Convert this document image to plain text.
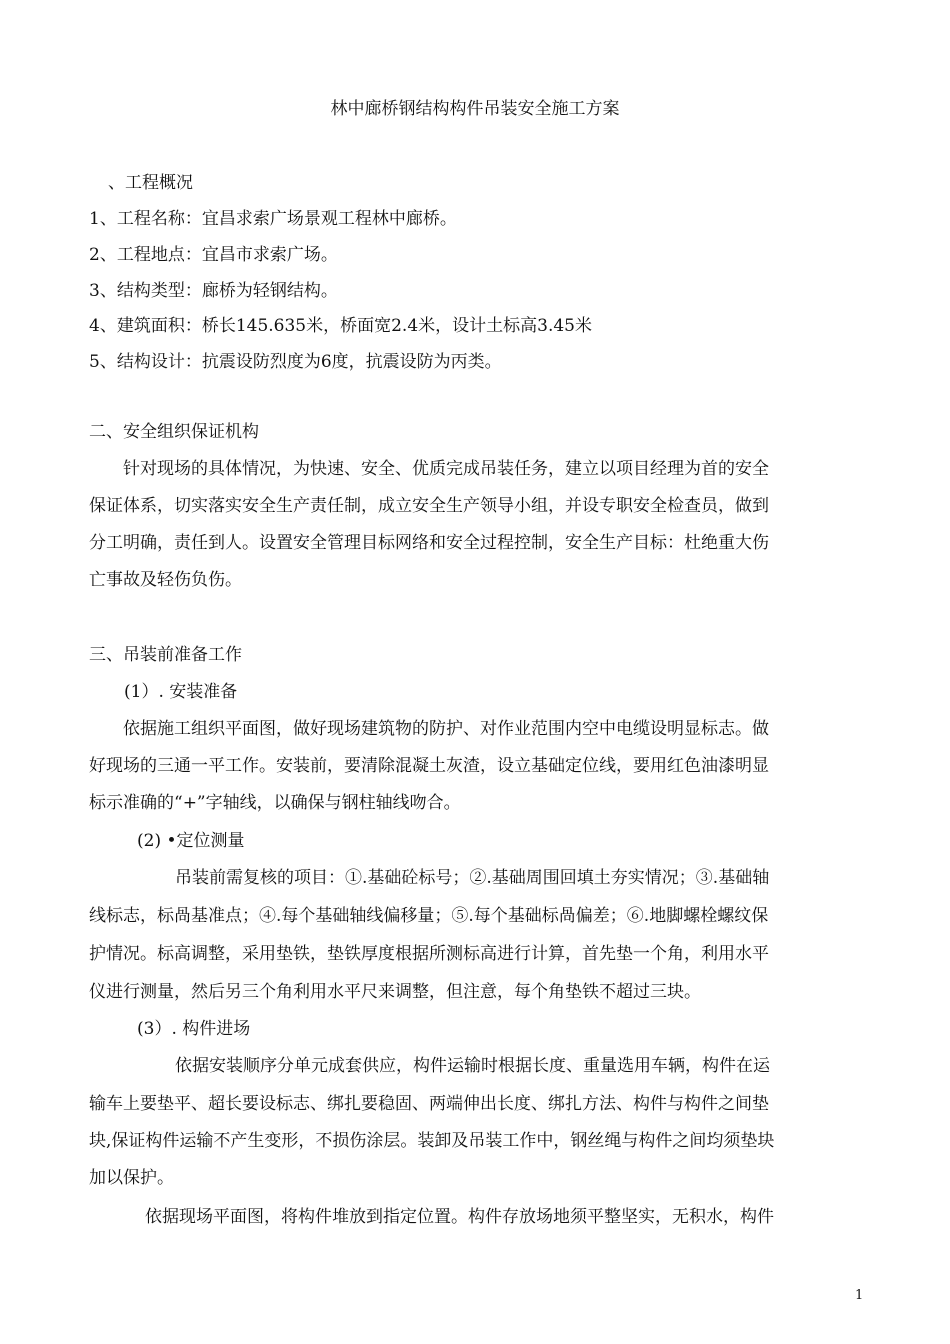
林中廊桥钢结构构件吊装安全施工方案
、工程概况
1、工程名称：宜昌求索广场景观工程林中廊桥。
2、工程地点：宜昌市求索广场。
3、结构类型：廊桥为轻钢结构。
4、建筑面积：桥长145.635米，桥面宽2.4米，设计土标高3.45米
5、结构设计：抗震设防烈度为6度，抗震设防为丙类。
二、安全组织保证机构
针对现场的具体情况，为快速、安全、优质完成吊装任务，建立以项目经理为首的安全
保证体系，切实落实安全生产责任制，成立安全生产领导小组，并设专职安全检查员，做到
分工明确，责任到人。设置安全管理目标网络和安全过程控制，安全生产目标：杜绝重大伤
亡事故及轻伤负伤。
三、吊装前准备工作
(1）. 安装准备
依据施工组织平面图，做好现场建筑物的防护、对作业范围内空中电缆设明显标志。做
好现场的三通一平工作。安装前，要清除混凝土灰渣，设立基础定位线，要用红色油漆明显
标示准确的“+”字轴线，以确保与钢柱轴线吻合。
(2) •定位测量
吊装前需复核的项目：①.基础砼标号；②.基础周围回填土夯实情况；③.基础轴
线标志，标咼基准点；④.每个基础轴线偏移量；⑤.每个基础标咼偏差；⑥.地脚螺栓螺纹保
护情况。标高调整，采用垫铁，垫铁厚度根据所测标高进行计算，首先垫一个角，利用水平
仪进行测量，然后另三个角利用水平尺来调整，但注意，每个角垫铁不超过三块。
(3）. 构件进场
依据安装顺序分单元成套供应，构件运输时根据长度、重量选用车辆，构件在运
输车上要垫平、超长要设标志、绑扎要稳固、两端伸出长度、绑扎方法、构件与构件之间垫
块,保证构件运输不产生变形，不损伤涂层。装卸及吊装工作中，钢丝绳与构件之间均须垫块
加以保护。
依据现场平面图，将构件堆放到指定位置。构件存放场地须平整坚实，无积水，构件
1
